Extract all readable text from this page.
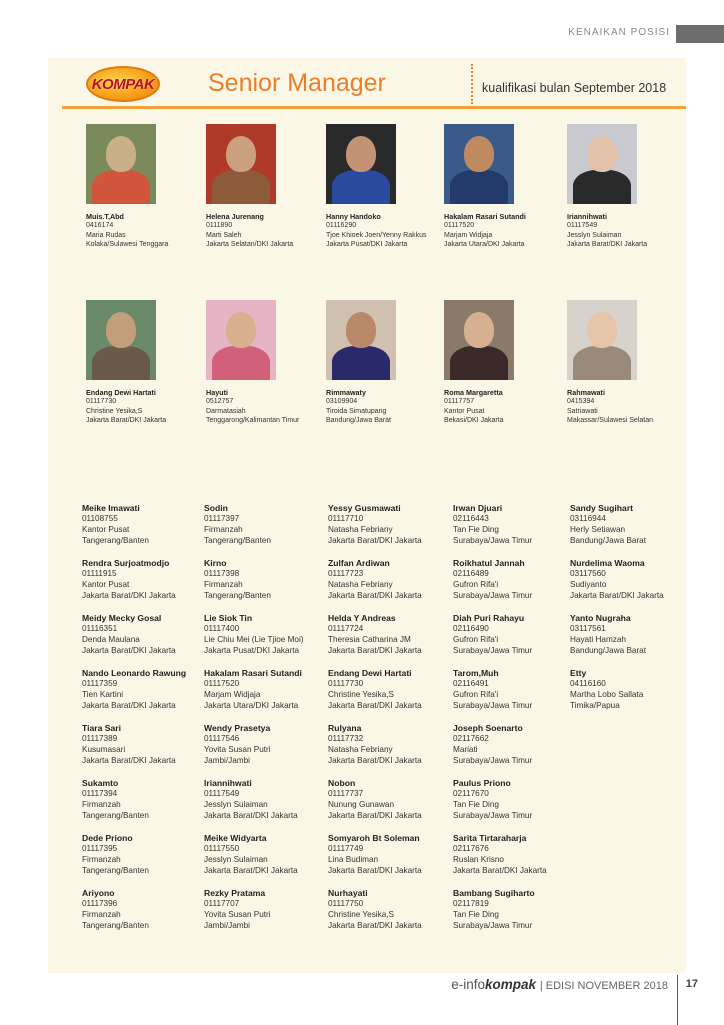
KENAIKAN POSISI
KOMPAK Senior Manager	kualifikasi bulan September 2018
Muis.T,Abd
0416174
Maria Rudas
Kolaka/Sulawesi Tenggara
Helena Jurenang
0111890
Marti Saleh
Jakarta Selatan/DKI Jakarta
Hanny Handoko
01116290
Tjoe Khioek Joen/Yenny Rakkus
Jakarta Pusat/DKI Jakarta
Hakalam Rasari Sutandi
01117520
Marjam Widjaja
Jakarta Utara/DKI Jakarta
Iriannihwati
01117549
Jesslyn Sulaiman
Jakarta Barat/DKI Jakarta
Endang Dewi Hartati
01117730
Christine Yesika,S
Jakarta Barat/DKI Jakarta
Hayuti
0512757
Darmatasiah
Tenggarong/Kalimantan Timur
Rimmawaty
03109904
Tiroida Simatupang
Bandung/Jawa Barat
Roma Margaretta
01117757
Kantor Pusat
Bekasi/DKI Jakarta
Rahmawati
0415394
Satriawati
Makassar/Sulawesi Selatan
Meike Imawati
01108755
Kantor Pusat
Tangerang/Banten
Rendra Surjoatmodjo
01111915
Kantor Pusat
Jakarta Barat/DKI Jakarta
Meidy Mecky Gosal
01116351
Denda Maulana
Jakarta Barat/DKI Jakarta
Nando Leonardo Rawung
01117359
Tien Kartini
Jakarta Barat/DKI Jakarta
Tiara Sari
01117389
Kusumasari
Jakarta Barat/DKI Jakarta
Sukamto
01117394
Firmanzah
Tangerang/Banten
Dede Priono
01117395
Firmanzah
Tangerang/Banten
Ariyono
01117396
Firmanzah
Tangerang/Banten
Sodin
01117397
Firmanzah
Tangerang/Banten
Kirno
01117398
Firmanzah
Tangerang/Banten
Lie Siok Tin
01117400
Lie Chiu Mei (Lie Tjioe Moi)
Jakarta Pusat/DKI Jakarta
Hakalam Rasari Sutandi
01117520
Marjam Widjaja
Jakarta Utara/DKI Jakarta
Wendy Prasetya
01117546
Yovita Susan Putri
Jambi/Jambi
Iriannihwati
01117549
Jesslyn Sulaiman
Jakarta Barat/DKI Jakarta
Meike Widyarta
01117550
Jesslyn Sulaiman
Jakarta Barat/DKI Jakarta
Rezky Pratama
01117707
Yovita Susan Putri
Jambi/Jambi
Yessy Gusmawati
01117710
Natasha Febriany
Jakarta Barat/DKI Jakarta
Zulfan Ardiwan
01117723
Natasha Febriany
Jakarta Barat/DKI Jakarta
Helda Y Andreas
01117724
Theresia Catharina JM
Jakarta Barat/DKI Jakarta
Endang Dewi Hartati
01117730
Christine Yesika,S
Jakarta Barat/DKI Jakarta
Rulyana
01117732
Natasha Febriany
Jakarta Barat/DKI Jakarta
Nobon
01117737
Nunung Gunawan
Jakarta Barat/DKI Jakarta
Somyaroh Bt Soleman
01117749
Lina Budiman
Jakarta Barat/DKI Jakarta
Nurhayati
01117750
Christine Yesika,S
Jakarta Barat/DKI Jakarta
Irwan Djuari
02116443
Tan Fie Ding
Surabaya/Jawa Timur
Roikhatul Jannah
02116489
Gufron Rifa'i
Surabaya/Jawa Timur
Diah Puri Rahayu
02116490
Gufron Rifa'i
Surabaya/Jawa Timur
Tarom,Muh
02116491
Gufron Rifa'i
Surabaya/Jawa Timur
Joseph Soenarto
02117662
Mariati
Surabaya/Jawa Timur
Paulus Priono
02117670
Tan Fie Ding
Surabaya/Jawa Timur
Sarita Tirtaraharja
02117676
Ruslan Krisno
Jakarta Barat/DKI Jakarta
Bambang Sugiharto
02117819
Tan Fie Ding
Surabaya/Jawa Timur
Sandy Sugihart
03116944
Herly Setiawan
Bandung/Jawa Barat
Nurdelima Waoma
03117560
Sudiyanto
Jakarta Barat/DKI Jakarta
Yanto Nugraha
03117561
Hayati Hamzah
Bandung/Jawa Barat
Etty
04116160
Martha Lobo Sallata
Timika/Papua
e-infokompak | EDISI NOVEMBER 2018 17
